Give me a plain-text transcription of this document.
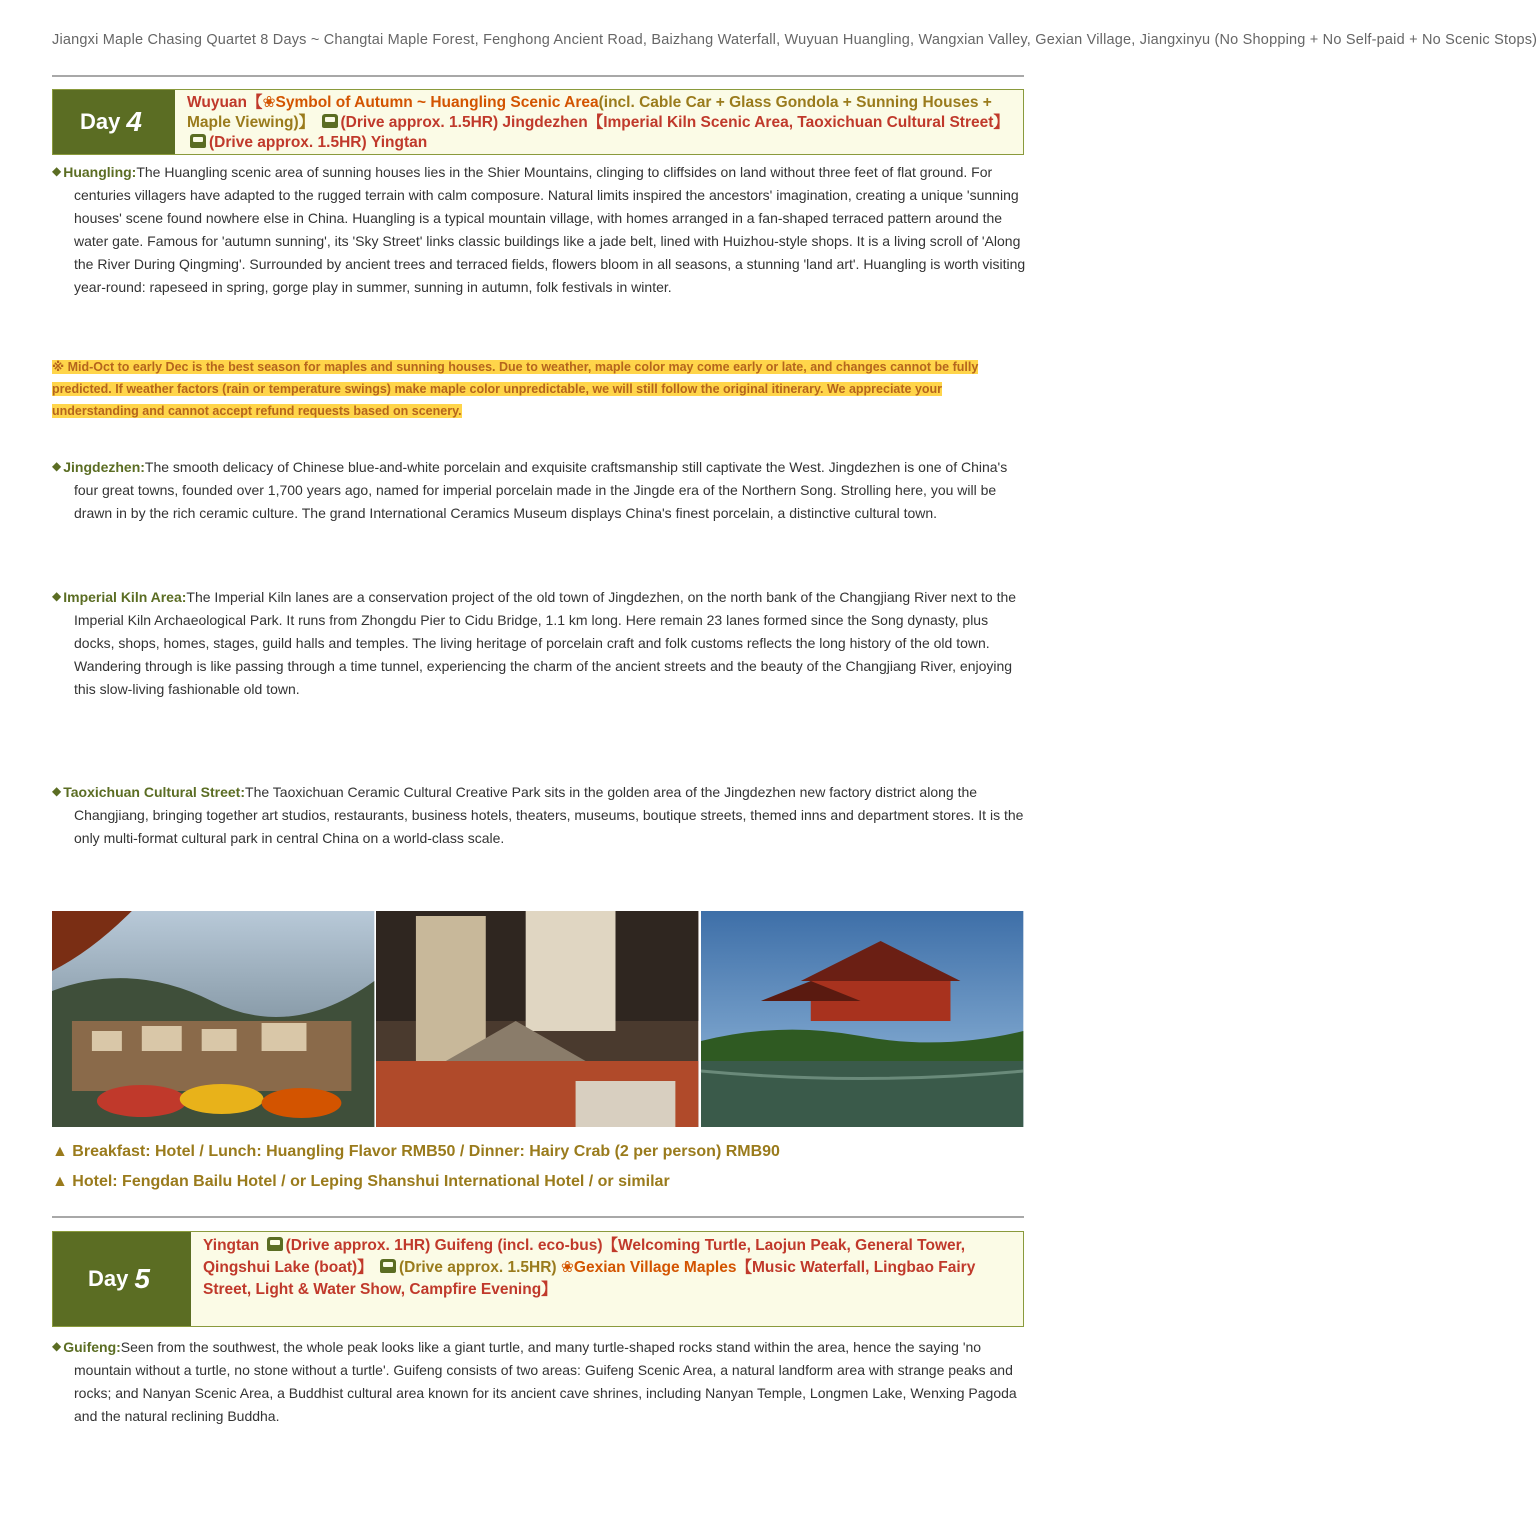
Jiangxi Maple Chasing Quartet 8 Days ~ Changtai Maple Forest, Fenghong Ancient Road, Baizhang Waterfall, Wuyuan Huangling, Wangxian Valley, Gexian Village, Jiangxinyu (No Shopping + No Self-paid + No Scenic Stops)
Day 4
Wuyuan【❀Symbol of Autumn ~ Huangling Scenic Area(incl. Cable Car + Glass Gondola + Sunning Houses + Maple Viewing)】 (Drive approx. 1.5HR) Jingdezhen【Imperial Kiln Scenic Area, Taoxichuan Cultural Street】 (Drive approx. 1.5HR) Yingtan
◆ Huangling:The Huangling scenic area of sunning houses lies in the Shier Mountains, clinging to cliffsides on land without three feet of flat ground. For centuries villagers have adapted to the rugged terrain with calm composure. Natural limits inspired the ancestors' imagination, creating a unique 'sunning houses' scene found nowhere else in China. Huangling is a typical mountain village, with homes arranged in a fan-shaped terraced pattern around the water gate. Famous for 'autumn sunning', its 'Sky Street' links classic buildings like a jade belt, lined with Huizhou-style shops. It is a living scroll of 'Along the River During Qingming'. Surrounded by ancient trees and terraced fields, flowers bloom in all seasons, a stunning 'land art'. Huangling is worth visiting year-round: rapeseed in spring, gorge play in summer, sunning in autumn, folk festivals in winter.
※ Mid-Oct to early Dec is the best season for maples and sunning houses. Due to weather, maple color may come early or late, and changes cannot be fully predicted. If weather factors (rain or temperature swings) make maple color unpredictable, we will still follow the original itinerary. We appreciate your understanding and cannot accept refund requests based on scenery.
◆ Jingdezhen:The smooth delicacy of Chinese blue-and-white porcelain and exquisite craftsmanship still captivate the West. Jingdezhen is one of China's four great towns, founded over 1,700 years ago, named for imperial porcelain made in the Jingde era of the Northern Song. Strolling here, you will be drawn in by the rich ceramic culture. The grand International Ceramics Museum displays China's finest porcelain, a distinctive cultural town.
◆ Imperial Kiln Area:The Imperial Kiln lanes are a conservation project of the old town of Jingdezhen, on the north bank of the Changjiang River next to the Imperial Kiln Archaeological Park. It runs from Zhongdu Pier to Cidu Bridge, 1.1 km long. Here remain 23 lanes formed since the Song dynasty, plus docks, shops, homes, stages, guild halls and temples. The living heritage of porcelain craft and folk customs reflects the long history of the old town. Wandering through is like passing through a time tunnel, experiencing the charm of the ancient streets and the beauty of the Changjiang River, enjoying this slow-living fashionable old town.
◆ Taoxichuan Cultural Street:The Taoxichuan Ceramic Cultural Creative Park sits in the golden area of the Jingdezhen new factory district along the Changjiang, bringing together art studios, restaurants, business hotels, theaters, museums, boutique streets, themed inns and department stores. It is the only multi-format cultural park in central China on a world-class scale.
▲ Breakfast: Hotel / Lunch: Huangling Flavor RMB50 / Dinner: Hairy Crab (2 per person) RMB90
▲ Hotel: Fengdan Bailu Hotel / or Leping Shanshui International Hotel / or similar
Day 5
Yingtan (Drive approx. 1HR) Guifeng (incl. eco-bus)【Welcoming Turtle, Laojun Peak, General Tower, Qingshui Lake (boat)】 (Drive approx. 1.5HR) ❀Gexian Village Maples【Music Waterfall, Lingbao Fairy Street, Light & Water Show, Campfire Evening】
◆ Guifeng:Seen from the southwest, the whole peak looks like a giant turtle, and many turtle-shaped rocks stand within the area, hence the saying 'no mountain without a turtle, no stone without a turtle'. Guifeng consists of two areas: Guifeng Scenic Area, a natural landform area with strange peaks and rocks; and Nanyan Scenic Area, a Buddhist cultural area known for its ancient cave shrines, including Nanyan Temple, Longmen Lake, Wenxing Pagoda and the natural reclining Buddha.
